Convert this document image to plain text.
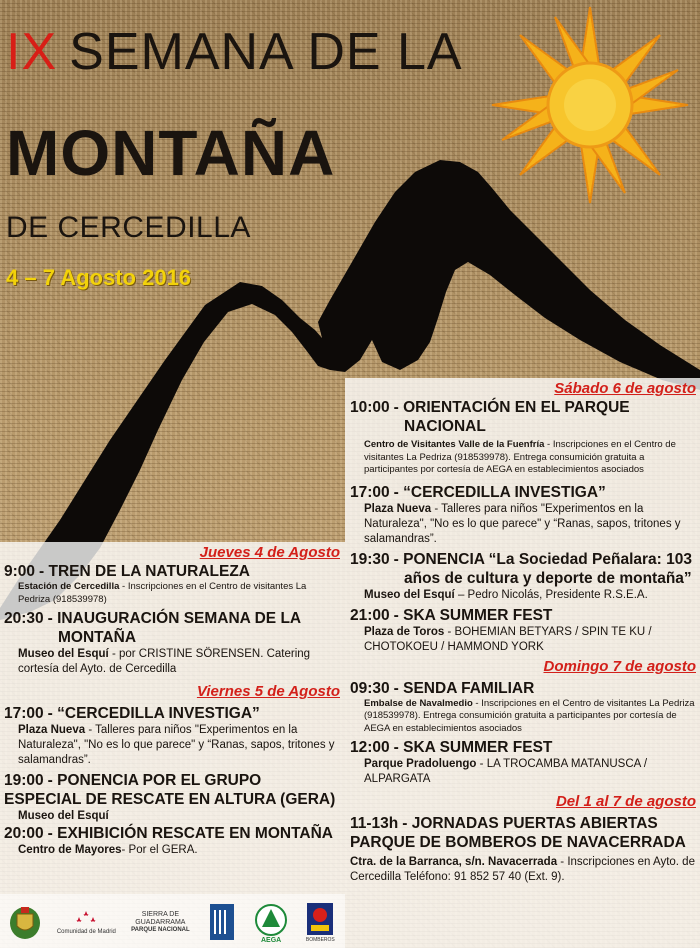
IX SEMANA DE LA
MONTAÑA
DE CERCEDILLA
4 – 7 Agosto 2016
Jueves 4 de Agosto
9:00 - TREN DE LA NATURALEZA
Estación de Cercedilla - Inscripciones en el Centro de visitantes La Pedriza (918539978)
20:30 - INAUGURACIÓN SEMANA DE LA
MONTAÑA
Museo del Esquí - por CRISTINE SÖRENSEN. Catering cortesía del Ayto. de Cercedilla
Viernes 5 de Agosto
17:00 - “CERCEDILLA INVESTIGA”
Plaza Nueva - Talleres para niños "Experimentos en la Naturaleza", "No es lo que parece" y “Ranas, sapos, tritones y salamandras”.
19:00 - PONENCIA POR EL GRUPO ESPECIAL DE RESCATE EN ALTURA (GERA)
Museo del Esquí
20:00 - EXHIBICIÓN RESCATE EN MONTAÑA
Centro de Mayores- Por el GERA.
Sábado 6 de agosto
10:00 - ORIENTACIÓN EN EL PARQUE
NACIONAL
Centro de Visitantes Valle de la Fuenfría - Inscripciones en el Centro de visitantes La Pedriza (918539978). Entrega consumición gratuita a participantes por cortesía de AEGA en establecimientos asociados
17:00 - “CERCEDILLA INVESTIGA”
Plaza Nueva - Talleres para niños "Experimentos en la Naturaleza", "No es lo que parece" y “Ranas, sapos, tritones y salamandras”.
19:30 - PONENCIA “La Sociedad Peñalara: 103
años de cultura y deporte de montaña”
Museo del Esquí – Pedro Nicolás, Presidente R.S.E.A.
21:00 - SKA SUMMER FEST
Plaza de Toros - BOHEMIAN BETYARS / SPIN TE KU / CHOTOKOEU / HAMMOND YORK
Domingo 7 de agosto
09:30 - SENDA FAMILIAR
Embalse de Navalmedio - Inscripciones en el Centro de visitantes La Pedriza (918539978). Entrega consumición gratuita a participantes por cortesía de AEGA en establecimientos asociados
12:00 - SKA SUMMER FEST
Parque Pradoluengo - LA TROCAMBA MATANUSCA / ALPARGATA
Del 1 al 7 de agosto
11-13h - JORNADAS PUERTAS ABIERTAS
PARQUE DE BOMBEROS DE NAVACERRADA
Ctra. de la Barranca, s/n. Navacerrada - Inscripciones en Ayto. de Cercedilla Teléfono: 91 852 57 40 (Ext. 9).
Comunidad de Madrid
SIERRA DE GUADARRAMA
PARQUE NACIONAL
AEGA	BOMBEROS
